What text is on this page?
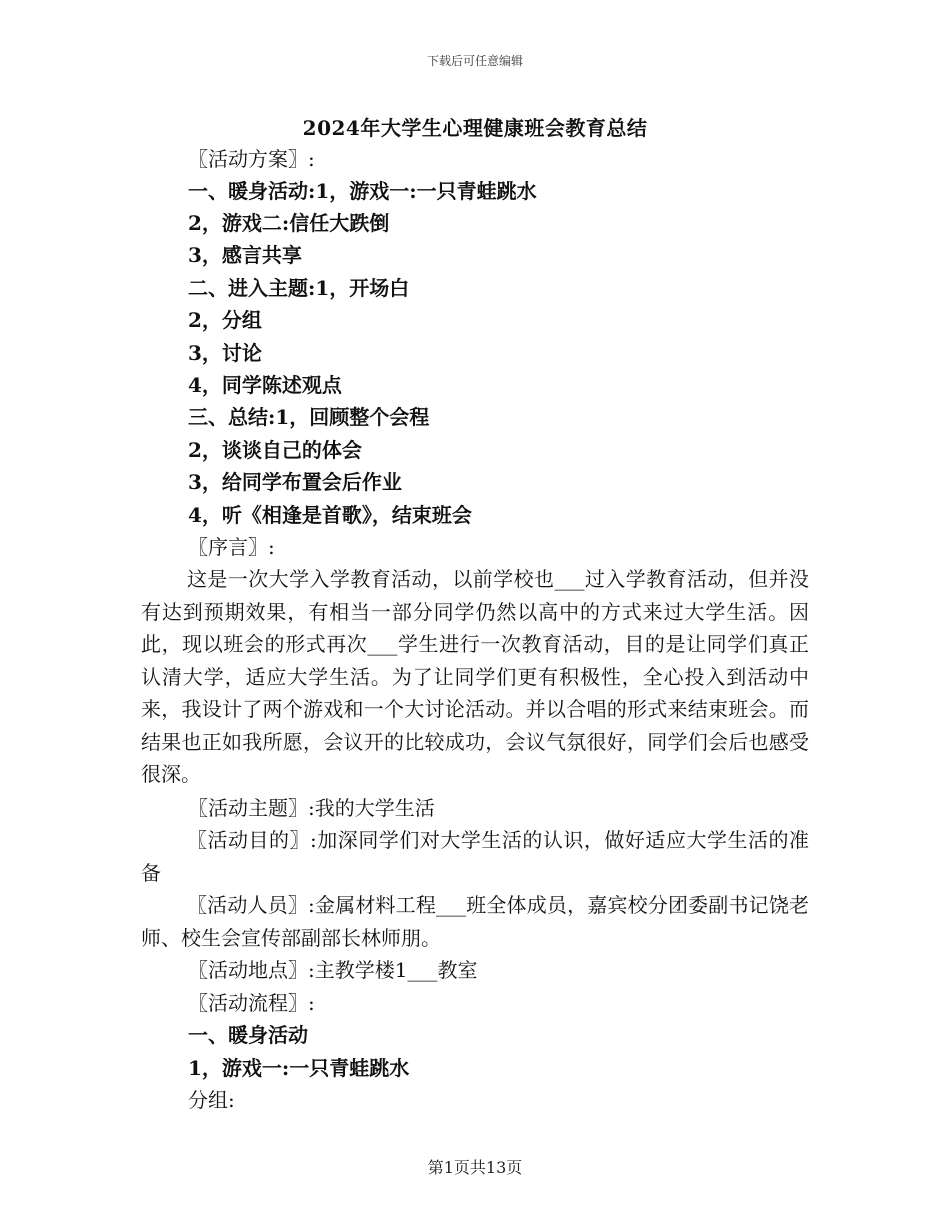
下载后可任意编辑
2024年大学生心理健康班会教育总结
〖活动方案〗:
一、暖身活动:1，游戏一:一只青蛙跳水
2，游戏二:信任大跌倒
3，感言共享
二、进入主题:1，开场白
2，分组
3，讨论
4，同学陈述观点
三、总结:1，回顾整个会程
2，谈谈自己的体会
3，给同学布置会后作业
4，听《相逢是首歌》，结束班会
〖序言〗:
这是一次大学入学教育活动，以前学校也___过入学教育活动，但并没有达到预期效果，有相当一部分同学仍然以高中的方式来过大学生活。因此，现以班会的形式再次___学生进行一次教育活动，目的是让同学们真正认清大学，适应大学生活。为了让同学们更有积极性，全心投入到活动中来，我设计了两个游戏和一个大讨论活动。并以合唱的形式来结束班会。而结果也正如我所愿，会议开的比较成功，会议气氛很好，同学们会后也感受很深。
〖活动主题〗:我的大学生活
〖活动目的〗:加深同学们对大学生活的认识，做好适应大学生活的准备
〖活动人员〗:金属材料工程___班全体成员，嘉宾校分团委副书记饶老师、校生会宣传部副部长林师朋。
〖活动地点〗:主教学楼1___教室
〖活动流程〗:
一、暖身活动
1，游戏一:一只青蛙跳水
分组:
第1页共13页
